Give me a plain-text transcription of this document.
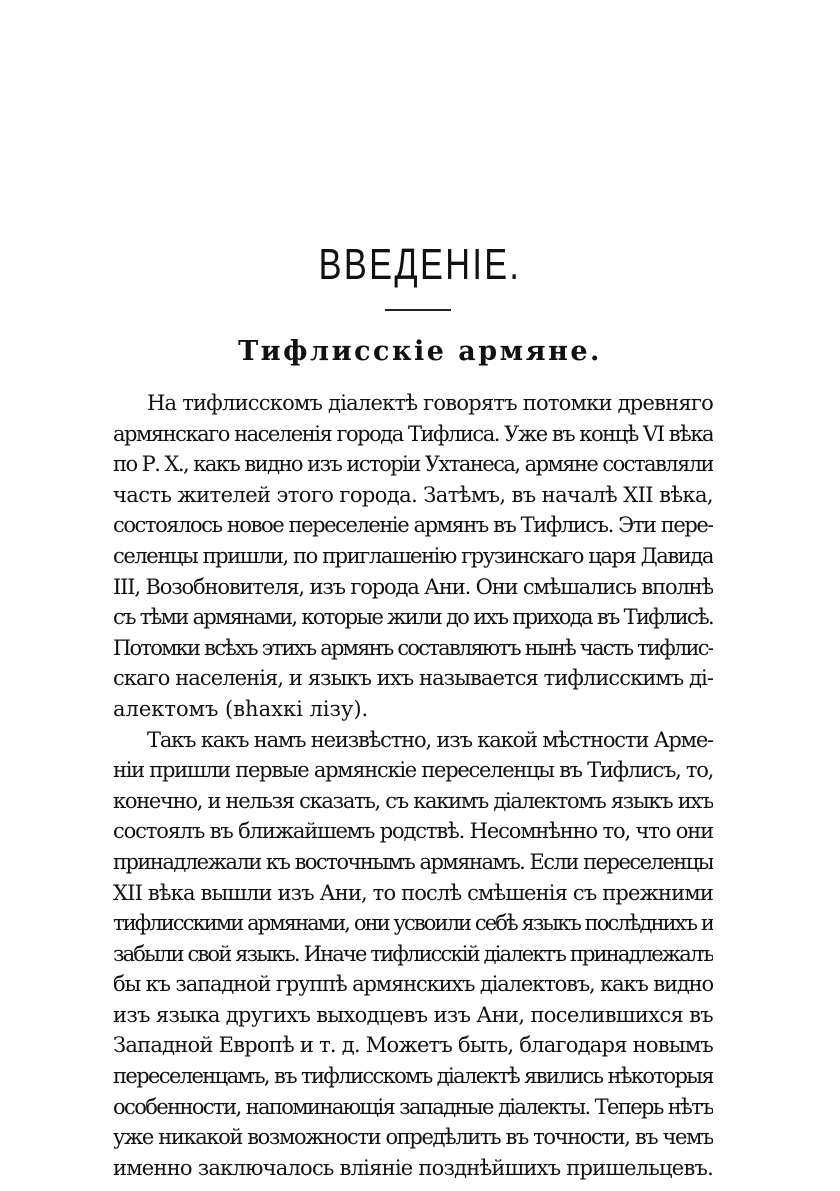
ВВЕДЕНІЕ.
Тифлисскіе армяне.

На тифлисскомъ діалектѣ говорятъ потомки древняго
армянскаго населенія города Тифлиса. Уже въ концѣ VI вѣка
по Р. X., какъ видно изъ исторіи Ухтанеса, армяне составляли
часть жителей этого города. Затѣмъ, въ началѣ XII вѣка,
состоялось новое переселеніе армянъ въ Тифлисъ. Эти пере-
селенцы пришли, по приглашенію грузинскаго царя Давида
III, Возобновителя, изъ города Ани. Они смѣшались вполнѣ
съ тѣми армянами, которые жили до ихъ прихода въ Тифлисѣ.
Потомки всѣхъ этихъ армянъ составляютъ нынѣ часть тифлис-
скаго населенія, и языкъ ихъ называется тифлисскимъ ді-
алектомъ (вһахкі лізу).

Такъ какъ намъ неизвѣстно, изъ какой мѣстности Арме-
ніи пришли первые армянскіе переселенцы въ Тифлисъ, то,
конечно, и нельзя сказать, съ какимъ діалектомъ языкъ ихъ
состоялъ въ ближайшемъ родствѣ. Несомнѣнно то, что они
принадлежали къ восточнымъ армянамъ. Если переселенцы
XII вѣка вышли изъ Ани, то послѣ смѣшенія съ прежними
тифлисскими армянами, они усвоили себѣ языкъ послѣднихъ и
забыли свой языкъ. Иначе тифлисскій діалектъ принадлежалъ
бы къ западной группѣ армянскихъ діалектовъ, какъ видно
изъ языка другихъ выходцевъ изъ Ани, поселившихся въ
Западной Европѣ и т. д. Можетъ быть, благодаря новымъ
переселенцамъ, въ тифлисскомъ діалектѣ явились нѣкоторыя
особенности, напоминающія западные діалекты. Теперь нѣтъ
уже никакой возможности опредѣлить въ точности, въ чемъ
именно заключалось вліяніе позднѣйшихъ пришельцевъ.
